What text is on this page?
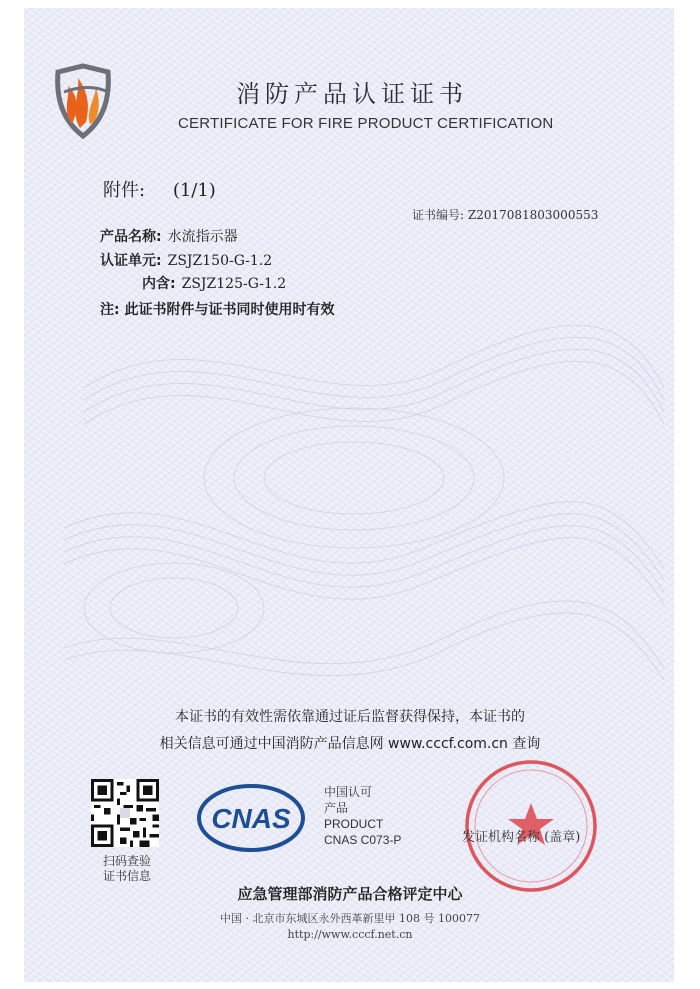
消防产品认证证书
CERTIFICATE FOR FIRE PRODUCT CERTIFICATION
附件: (1/1)
证书编号: Z2017081803000553
产品名称: 水流指示器
认证单元: ZSJZ150-G-1.2
内含: ZSJZ125-G-1.2
注: 此证书附件与证书同时使用时有效
本证书的有效性需依靠通过证后监督获得保持，本证书的
相关信息可通过中国消防产品信息网 www.cccf.com.cn 查询
扫码查验
证书信息
CNAS
中国认可
产品
PRODUCT
CNAS C073-P	发证机构名称 (盖章)
应急管理部消防产品合格评定中心
中国 · 北京市东城区永外西革新里甲 108 号 100077
http://www.cccf.net.cn
